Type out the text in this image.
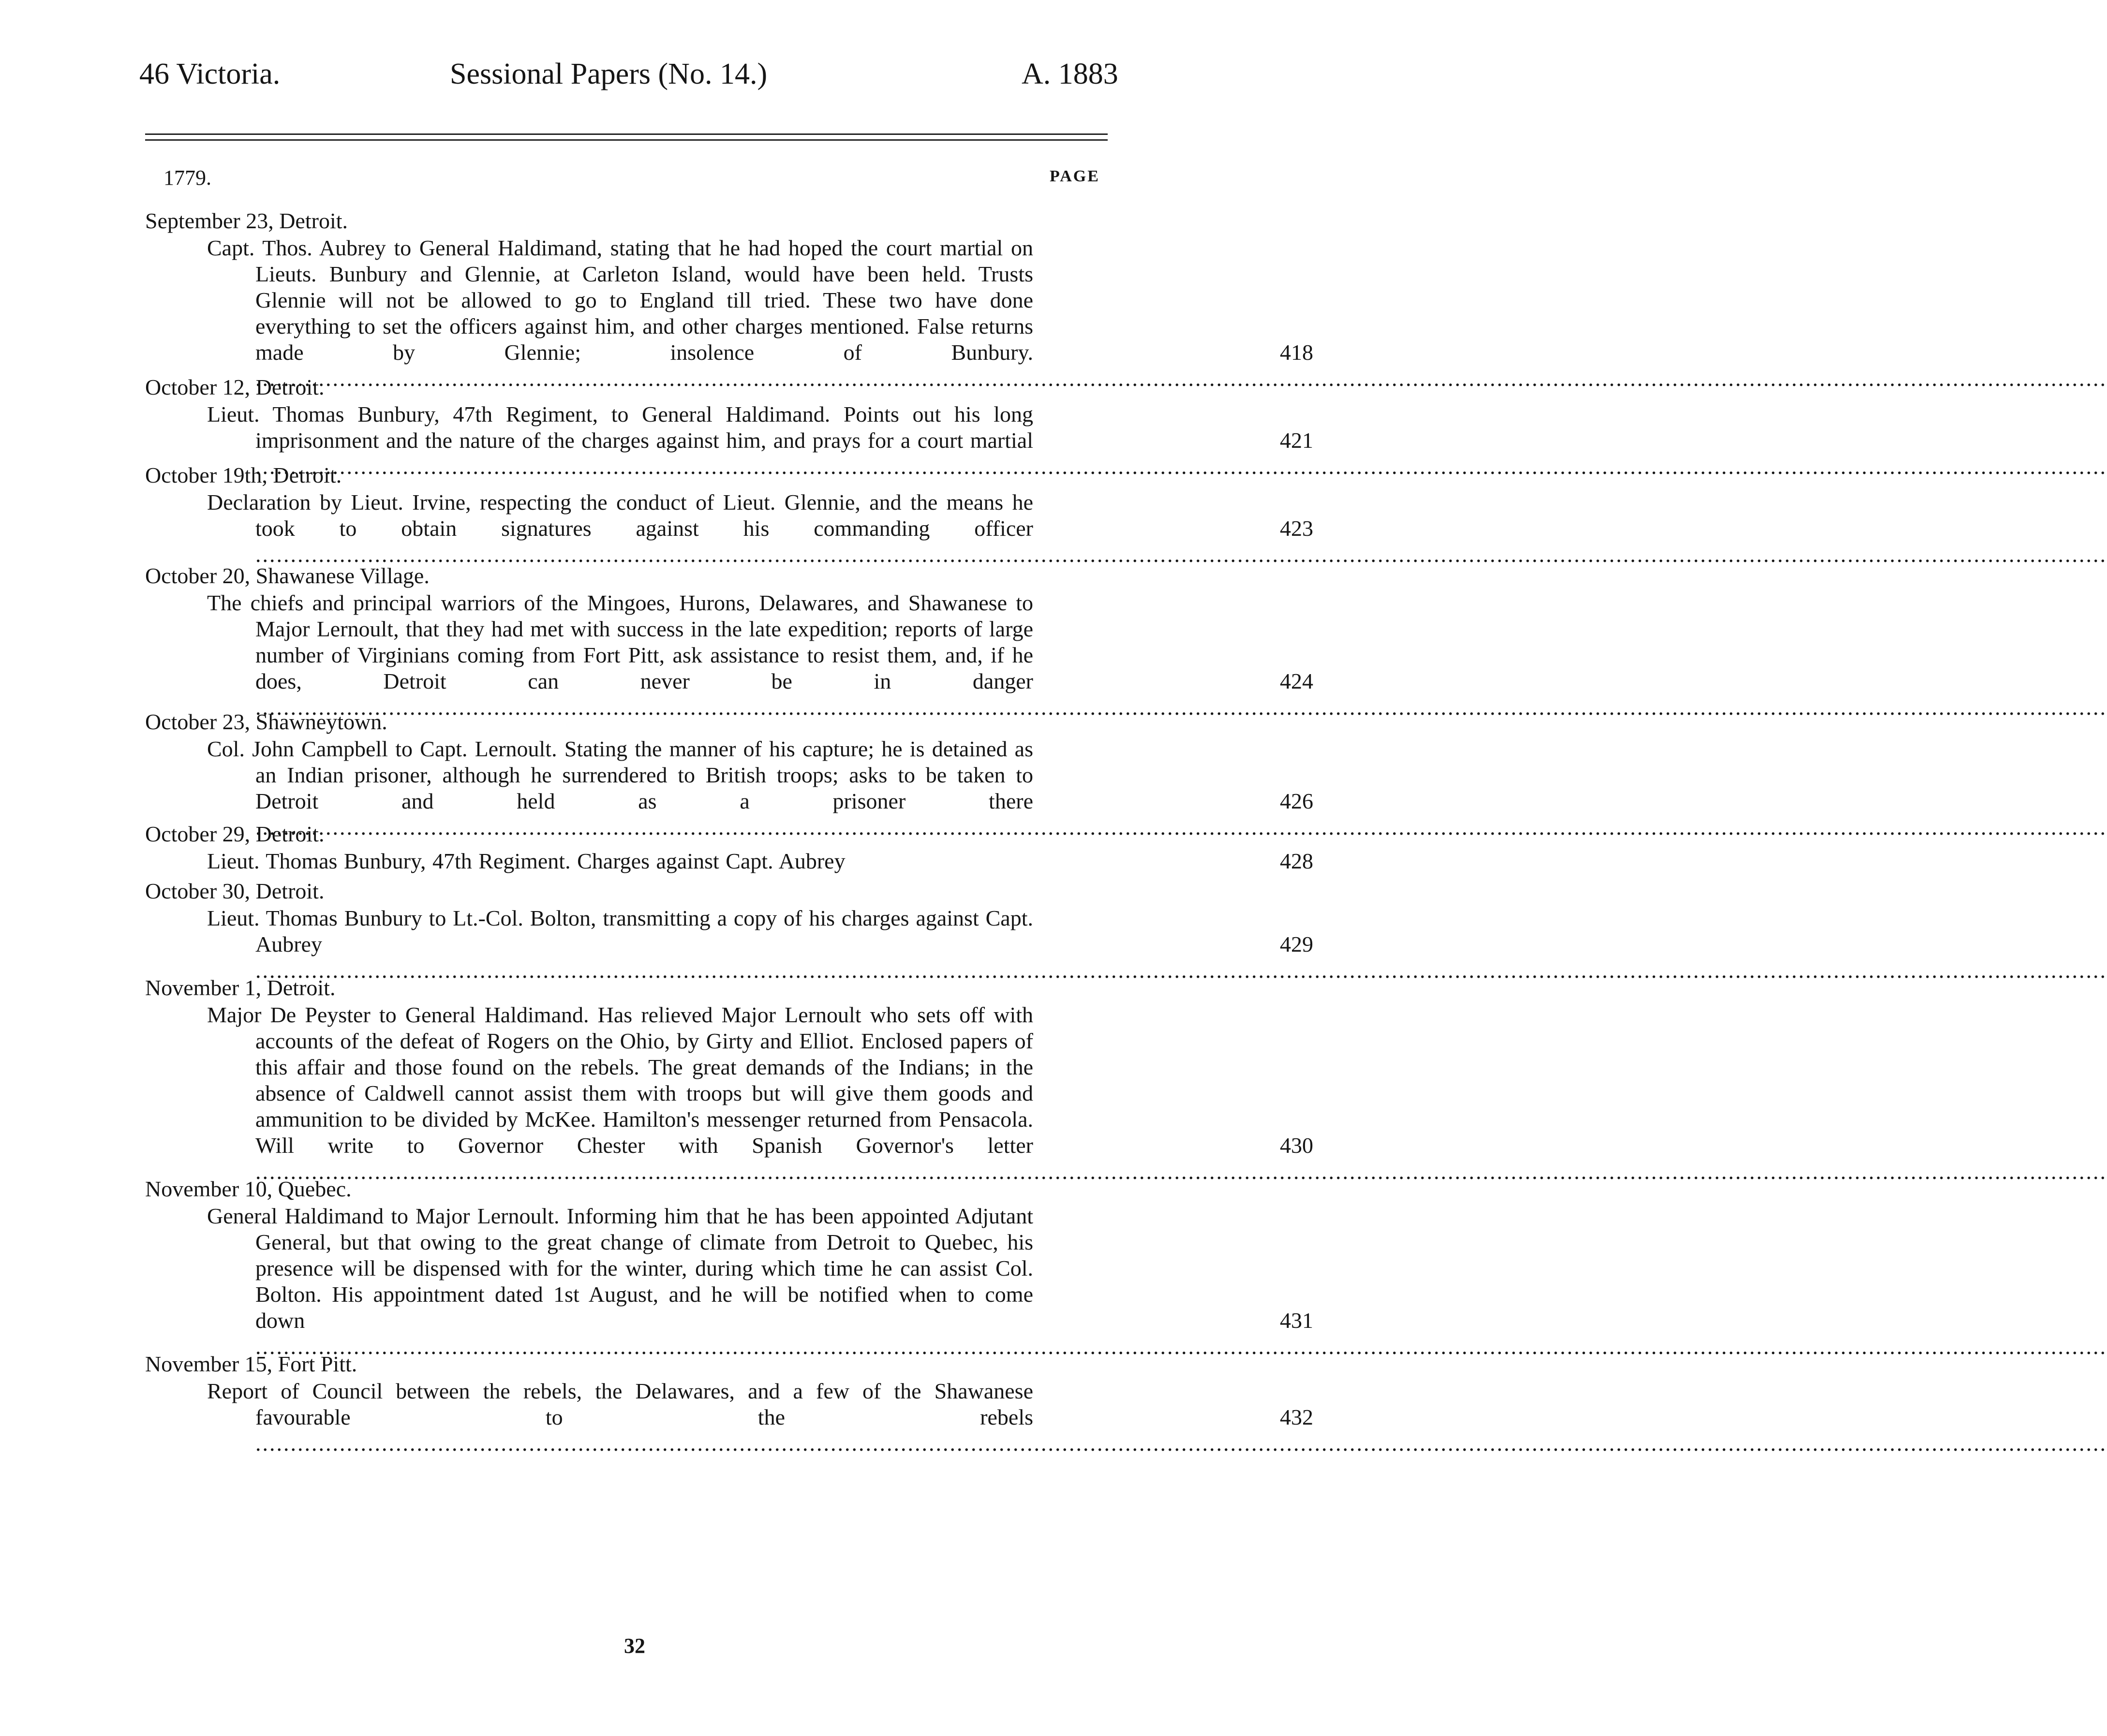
46 Victoria.	Sessional Papers (No. 14.)	A. 1883
1779.	PAGE
September 23, Detroit.
Capt. Thos. Aubrey to General Haldimand, stating that he had hoped the court martial on Lieuts. Bunbury and Glennie, at Carleton Island, would have been held. Trusts Glennie will not be allowed to go to England till tried. These two have done everything to set the officers against him, and other charges mentioned. False returns made by Glennie; insolence of Bunbury. .....	418
October 12, Detroit.
Lieut. Thomas Bunbury, 47th Regiment, to General Haldimand. Points out his long imprisonment and the nature of the charges against him, and prays for a court martial .....	421
October 19th, Detroit.
Declaration by Lieut. Irvine, respecting the conduct of Lieut. Glennie, and the means he took to obtain signatures against his commanding officer .....	423
October 20, Shawanese Village.
The chiefs and principal warriors of the Mingoes, Hurons, Delawares, and Shawanese to Major Lernoult, that they had met with success in the late expedition; reports of large number of Virginians coming from Fort Pitt, ask assistance to resist them, and, if he does, Detroit can never be in danger .....	424
October 23, Shawneytown.
Col. John Campbell to Capt. Lernoult. Stating the manner of his capture; he is detained as an Indian prisoner, although he surrendered to British troops; asks to be taken to Detroit and held as a prisoner there .....	426
October 29, Detroit.
Lieut. Thomas Bunbury, 47th Regiment. Charges against Capt. Aubrey	428
October 30, Detroit.
Lieut. Thomas Bunbury to Lt.-Col. Bolton, transmitting a copy of his charges against Capt. Aubrey .....	429
November 1, Detroit.
Major De Peyster to General Haldimand. Has relieved Major Lernoult who sets off with accounts of the defeat of Rogers on the Ohio, by Girty and Elliot. Enclosed papers of this affair and those found on the rebels. The great demands of the Indians; in the absence of Caldwell cannot assist them with troops but will give them goods and ammunition to be divided by McKee. Hamilton's messenger returned from Pensacola. Will write to Governor Chester with Spanish Governor's letter .....	430
November 10, Quebec.
General Haldimand to Major Lernoult. Informing him that he has been appointed Adjutant General, but that owing to the great change of climate from Detroit to Quebec, his presence will be dispensed with for the winter, during which time he can assist Col. Bolton. His appointment dated 1st August, and he will be notified when to come down .....	431
November 15, Fort Pitt.
Report of Council between the rebels, the Delawares, and a few of the Shawanese favourable to the rebels .....	432
32
